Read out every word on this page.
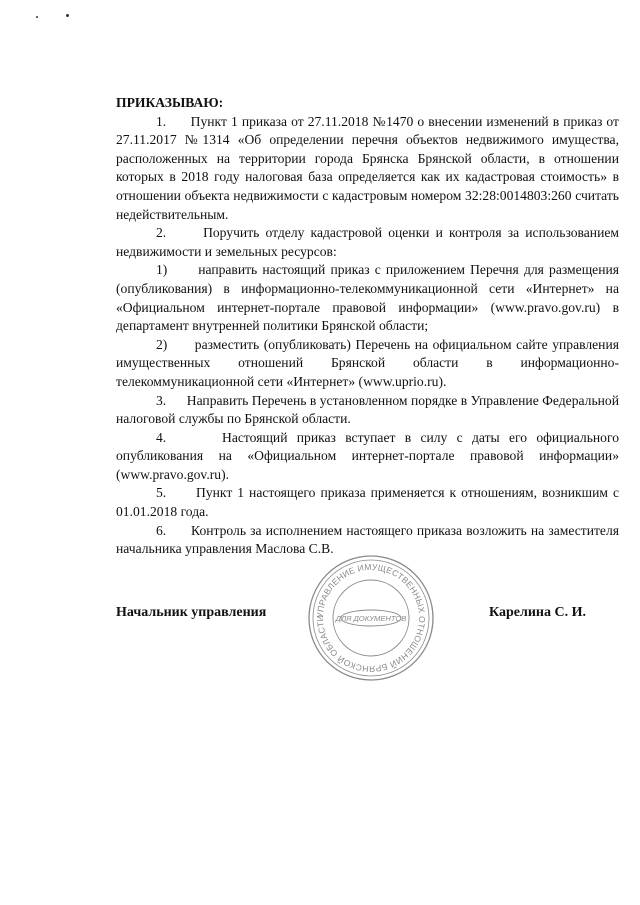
ПРИКАЗЫВАЮ:

1.      Пункт 1 приказа от 27.11.2018 №1470 о внесении изменений в приказ от 27.11.2017 №1314 «Об определении перечня объектов недвижимого имущества, расположенных на территории города Брянска Брянской области, в отношении которых в 2018 году налоговая база определяется как их кадастровая стоимость» в отношении объекта недвижимости с кадастровым номером 32:28:0014803:260 считать недействительным.

2.      Поручить отделу кадастровой оценки и контроля за использованием недвижимости и земельных ресурсов:

1)      направить настоящий приказ с приложением Перечня для размещения (опубликования) в информационно-телекоммуникационной сети «Интернет» на «Официальном интернет-портале правовой информации» (www.pravo.gov.ru) в департамент внутренней политики Брянской области;

2)      разместить (опубликовать) Перечень на официальном сайте управления имущественных отношений Брянской области в информационно-телекоммуникационной сети «Интернет» (www.uprio.ru).

3.      Направить Перечень в установленном порядке в Управление Федеральной налоговой службы по Брянской области.

4.      Настоящий приказ вступает в силу с даты его официального опубликования на «Официальном интернет-портале правовой информации» (www.pravo.gov.ru).

5.      Пункт 1 настоящего приказа применяется к отношениям, возникшим с 01.01.2018 года.

6.      Контроль за исполнением настоящего приказа возложить на заместителя начальника управления Маслова С.В.

УПРАВЛЕНИЕ ИМУЩЕСТВЕННЫХ ОТНОШЕНИЙ БРЯНСКОЙ ОБЛАСТИ	ДЛЯ ДОКУМЕНТОВ
Начальник управления	Карелина С. И.
